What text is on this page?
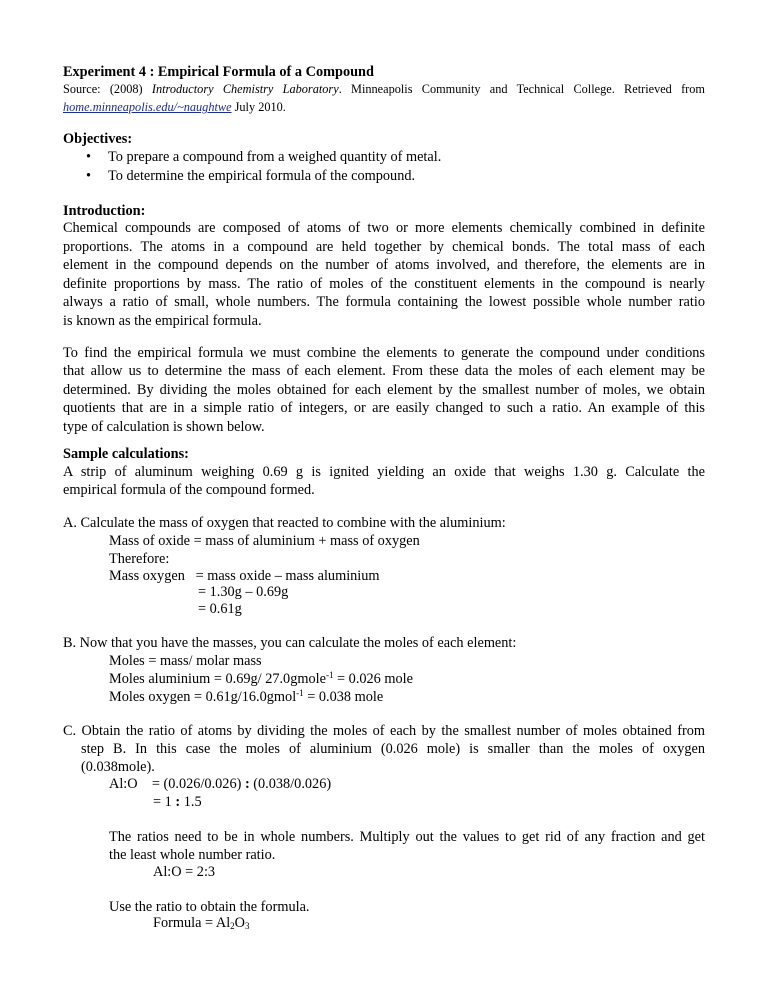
Experiment 4 : Empirical Formula of a Compound
Source: (2008) Introductory Chemistry Laboratory. Minneapolis Community and Technical College. Retrieved from
home.minneapolis.edu/~naughtwe July 2010.
Objectives:
• To prepare a compound from a weighed quantity of metal.
• To determine the empirical formula of the compound.
Introduction:
Chemical compounds are composed of atoms of two or more elements chemically combined in definite
proportions. The atoms in a compound are held together by chemical bonds. The total mass of each
element in the compound depends on the number of atoms involved, and therefore, the elements are in
definite proportions by mass. The ratio of moles of the constituent elements in the compound is nearly
always a ratio of small, whole numbers. The formula containing the lowest possible whole number ratio
is known as the empirical formula.
To find the empirical formula we must combine the elements to generate the compound under conditions
that allow us to determine the mass of each element. From these data the moles of each element may be
determined. By dividing the moles obtained for each element by the smallest number of moles, we obtain
quotients that are in a simple ratio of integers, or are easily changed to such a ratio. An example of this
type of calculation is shown below.
Sample calculations:
A strip of aluminum weighing 0.69 g is ignited yielding an oxide that weighs 1.30 g. Calculate the
empirical formula of the compound formed.
A. Calculate the mass of oxygen that reacted to combine with the aluminium:
Mass of oxide = mass of aluminium + mass of oxygen
Therefore:
Mass oxygen   = mass oxide – mass aluminium
= 1.30g – 0.69g
= 0.61g
B. Now that you have the masses, you can calculate the moles of each element:
Moles = mass/ molar mass
Moles aluminium = 0.69g/ 27.0gmole$^{-1}$ = 0.026 mole
Moles oxygen = 0.61g/16.0gmol$^{-1}$ = 0.038 mole
C. Obtain the ratio of atoms by dividing the moles of each by the smallest number of moles obtained from
step B. In this case the moles of aluminium (0.026 mole) is smaller than the moles of oxygen
(0.038mole).
Al:O    = (0.026/0.026) : (0.038/0.026)
= 1 : 1.5
The ratios need to be in whole numbers. Multiply out the values to get rid of any fraction and get
the least whole number ratio.
Al:O = 2:3
Use the ratio to obtain the formula.
Formula = $Al_2O_3$
